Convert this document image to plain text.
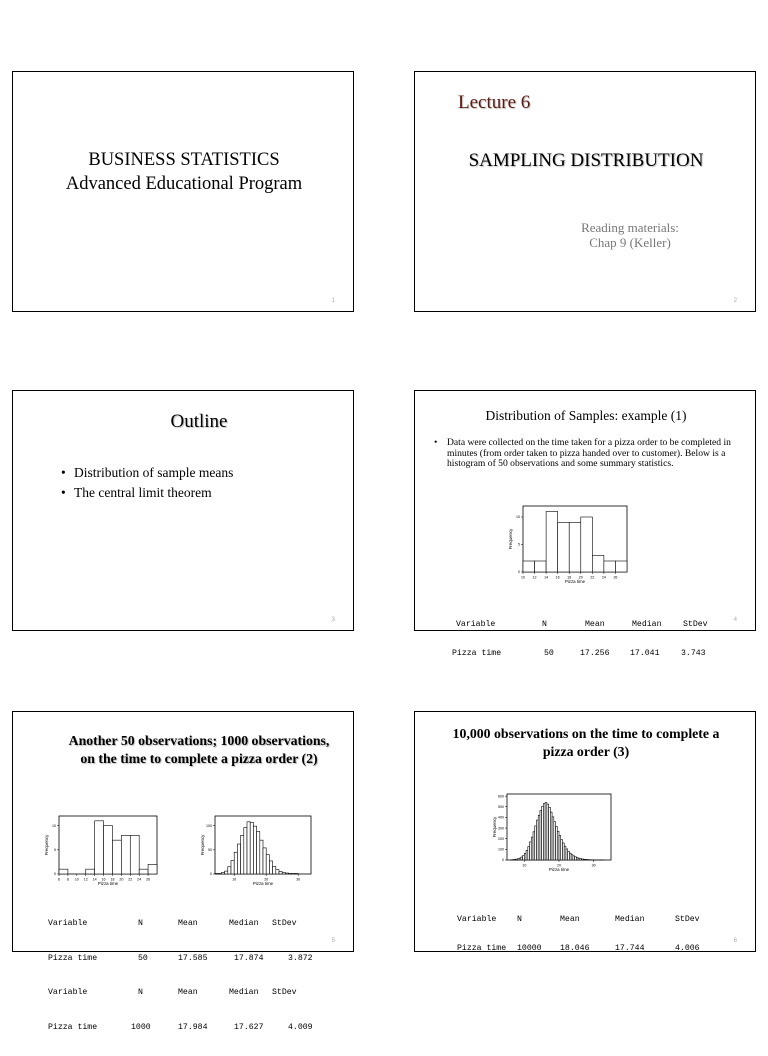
BUSINESS STATISTICS
Advanced Educational Program
1
Lecture 6
SAMPLING DISTRIBUTION
Reading materials:
Chap 9 (Keller)
2
Outline
• Distribution of sample means
• The central limit theorem
3
Distribution of Samples: example (1)
• Data were collected on the time taken for a pizza order to be completed in minutes (from order taken to pizza handed over to customer). Below is a histogram of 50 observations and some summary statistics.
10 12 14 16 18 20 22 24 26
0
5
10
Pizza time
Frequency

Variable	N	Mean	Median	StDev

Pizza time	50	17.256	17.041	3.743

4
Another 50 observations; 1000 observations,
on the time to complete a pizza order (2)
6 8 10 12 14 16 18 20 22 24 26
0
5
10
Pizza time
Frequency
10	20	30
0
50
100
Pizza time
Frequency

Variable	N	Mean	Median StDev

Pizza time	50	17.585	17.874	3.872

Variable	N	Mean	Median StDev

Pizza time	1000	17.984	17.627	4.009

5
10,000 observations on the time to complete a
pizza order (3)
10	20	30
0
100
200
300
400
500
600
Pizza time
Frequency

Variable	N	Mean	Median	StDev

Pizza time 10000 18.046	17.744	4.006

6
